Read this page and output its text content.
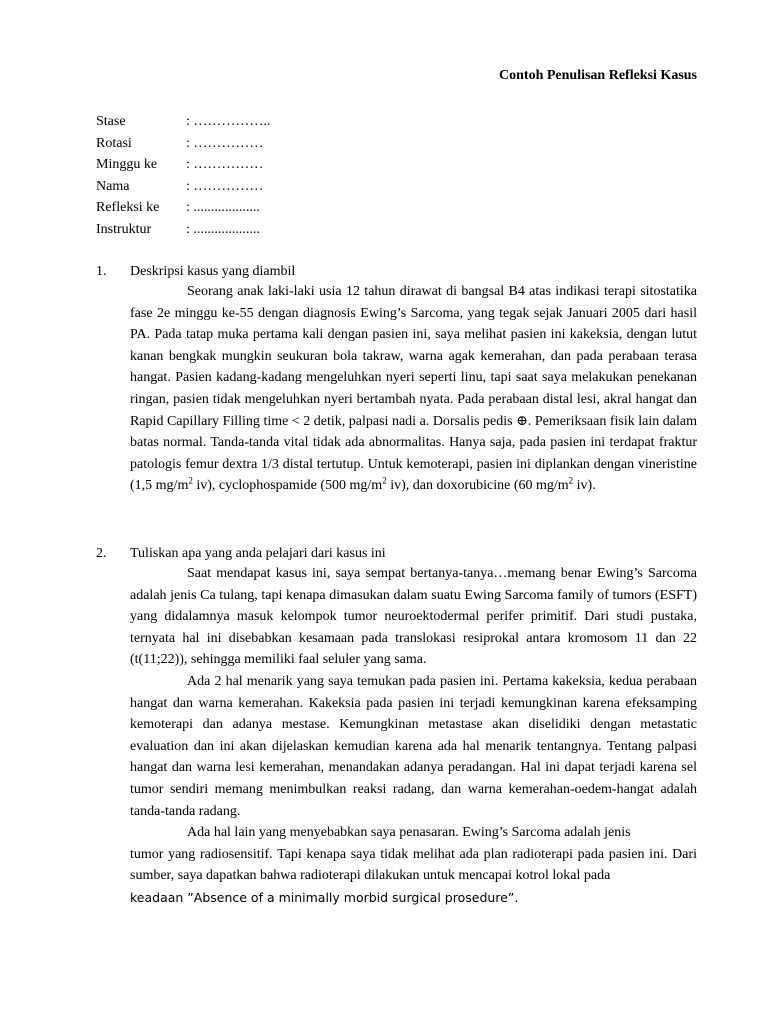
Contoh Penulisan Refleksi Kasus
Stase	: ……………..
Rotasi	: ……………
Minggu ke : ……………
Nama	: ……………
Refleksi ke : ...................
Instruktur : ...................
1. Deskripsi kasus yang diambil

Seorang anak laki-laki usia 12 tahun dirawat di bangsal B4 atas indikasi terapi sitostatika fase 2e minggu ke-55 dengan diagnosis Ewing’s Sarcoma, yang tegak sejak Januari 2005 dari hasil PA. Pada tatap muka pertama kali dengan pasien ini, saya melihat pasien ini kakeksia, dengan lutut kanan bengkak mungkin seukuran bola takraw, warna agak kemerahan, dan pada perabaan terasa hangat. Pasien kadang-kadang mengeluhkan nyeri seperti linu, tapi saat saya melakukan penekanan ringan, pasien tidak mengeluhkan nyeri bertambah nyata. Pada perabaan distal lesi, akral hangat dan Rapid Capillary Filling time < 2 detik, palpasi nadi a. Dorsalis pedis ⊕. Pemeriksaan fisik lain dalam batas normal. Tanda-tanda vital tidak ada abnormalitas. Hanya saja, pada pasien ini terdapat fraktur patologis femur dextra 1/3 distal tertutup. Untuk kemoterapi, pasien ini diplankan dengan vineristine (1,5 $mg/m^2$ iv), cyclophospamide (500 $mg/m^2$ iv), dan doxorubicine (60 $mg/m^2$ iv).

2. Tuliskan apa yang anda pelajari dari kasus ini

Saat mendapat kasus ini, saya sempat bertanya-tanya…memang benar Ewing’s Sarcoma adalah jenis Ca tulang, tapi kenapa dimasukan dalam suatu Ewing Sarcoma family of tumors (ESFT) yang didalamnya masuk kelompok tumor neuroektodermal perifer primitif. Dari studi pustaka, ternyata hal ini disebabkan kesamaan pada translokasi resiprokal antara kromosom 11 dan 22 (t(11;22)), sehingga memiliki faal seluler yang sama.

Ada 2 hal menarik yang saya temukan pada pasien ini. Pertama kakeksia, kedua perabaan hangat dan warna kemerahan. Kakeksia pada pasien ini terjadi kemungkinan karena efeksamping kemoterapi dan adanya mestase. Kemungkinan metastase akan diselidiki dengan metastatic evaluation dan ini akan dijelaskan kemudian karena ada hal menarik tentangnya. Tentang palpasi hangat dan warna lesi kemerahan, menandakan adanya peradangan. Hal ini dapat terjadi karena sel tumor sendiri memang menimbulkan reaksi radang, dan warna kemerahan-oedem-hangat adalah tanda-tanda radang.

Ada hal lain yang menyebabkan saya penasaran. Ewing’s Sarcoma adalah jenis

tumor yang radiosensitif. Tapi kenapa saya tidak melihat ada plan radioterapi pada pasien ini. Dari sumber, saya dapatkan bahwa radioterapi dilakukan untuk mencapai kotrol lokal pada

keadaan ”Absence of a minimally morbid surgical prosedure”.
